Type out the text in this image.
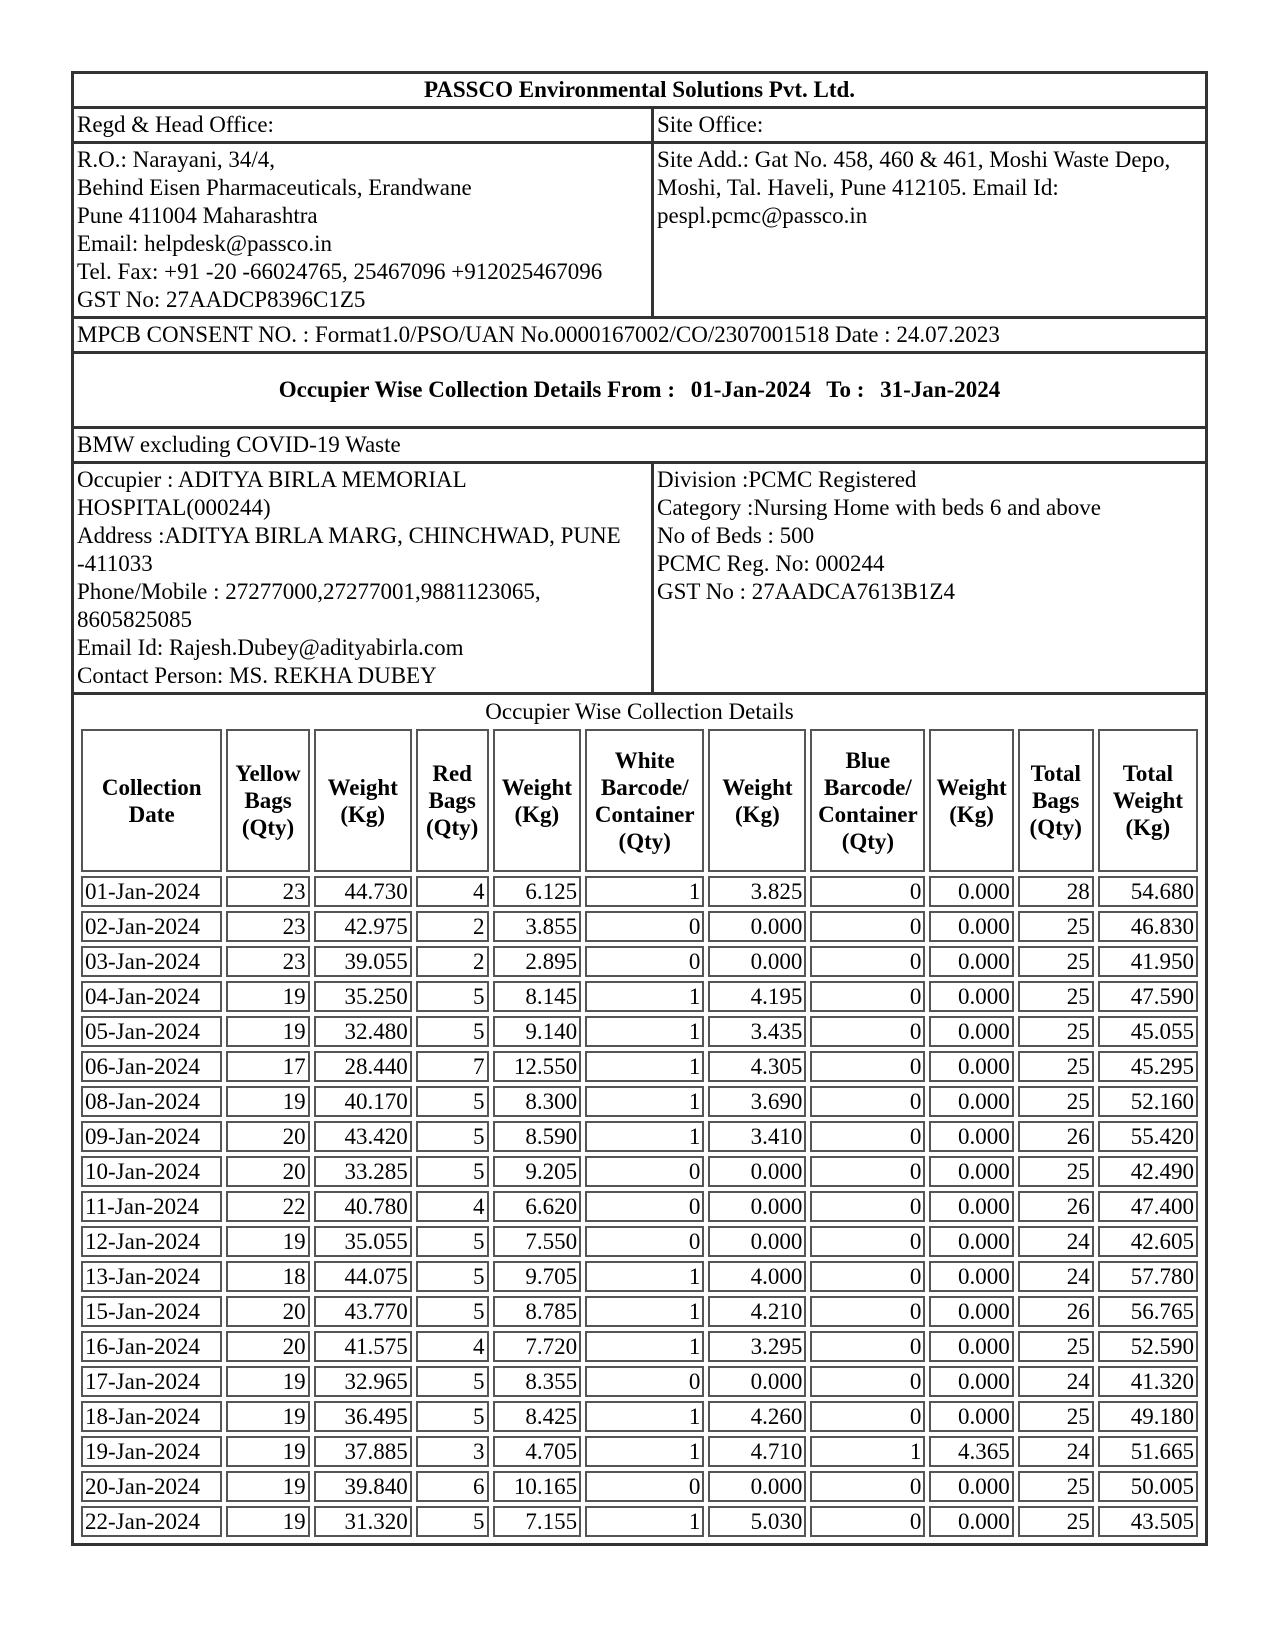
PASSCO Environmental Solutions Pvt. Ltd.
Regd & Head Office:	Site Office:

R.O.: Narayani, 34/4,
Behind Eisen Pharmaceuticals, Erandwane
Pune 411004 Maharashtra
Email: helpdesk@passco.in
Tel. Fax: +91 -20 -66024765, 25467096 +912025467096
GST No: 27AADCP8396C1Z5
	Site Add.: Gat No. 458, 460 & 461, Moshi Waste Depo, Moshi, Tal. Haveli, Pune 412105. Email Id: pespl.pcmc@passco.in
MPCB CONSENT NO. : Format1.0/PSO/UAN No.0000167002/CO/2307001518 Date : 24.07.2023
Occupier Wise Collection Details From : 01-Jan-2024 To : 31-Jan-2024
BMW excluding COVID-19 Waste

Occupier : ADITYA BIRLA MEMORIAL HOSPITAL(000244)
Address :ADITYA BIRLA MARG, CHINCHWAD, PUNE -411033
Phone/Mobile : 27277000,27277001,9881123065, 8605825085
Email Id: Rajesh.Dubey@adityabirla.com
Contact Person: MS. REKHA DUBEY

Division :PCMC Registered
Category :Nursing Home with beds 6 and above
No of Beds : 500
PCMC Reg. No: 000244
GST No : 27AADCA7613B1Z4

Occupier Wise Collection Details
Collection Date	Yellow Bags (Qty)	Weight (Kg)	Red Bags (Qty)	Weight (Kg)	White Barcode/ Container (Qty)	Weight (Kg)	Blue Barcode/ Container (Qty)	Weight (Kg)	Total Bags (Qty)	Total Weight (Kg)
01-Jan-2024	23	44.730	4	6.125	1	3.825	0	0.000	28	54.680
02-Jan-2024	23	42.975	2	3.855	0	0.000	0	0.000	25	46.830
03-Jan-2024	23	39.055	2	2.895	0	0.000	0	0.000	25	41.950
04-Jan-2024	19	35.250	5	8.145	1	4.195	0	0.000	25	47.590
05-Jan-2024	19	32.480	5	9.140	1	3.435	0	0.000	25	45.055
06-Jan-2024	17	28.440	7	12.550	1	4.305	0	0.000	25	45.295
08-Jan-2024	19	40.170	5	8.300	1	3.690	0	0.000	25	52.160
09-Jan-2024	20	43.420	5	8.590	1	3.410	0	0.000	26	55.420
10-Jan-2024	20	33.285	5	9.205	0	0.000	0	0.000	25	42.490
11-Jan-2024	22	40.780	4	6.620	0	0.000	0	0.000	26	47.400
12-Jan-2024	19	35.055	5	7.550	0	0.000	0	0.000	24	42.605
13-Jan-2024	18	44.075	5	9.705	1	4.000	0	0.000	24	57.780
15-Jan-2024	20	43.770	5	8.785	1	4.210	0	0.000	26	56.765
16-Jan-2024	20	41.575	4	7.720	1	3.295	0	0.000	25	52.590
17-Jan-2024	19	32.965	5	8.355	0	0.000	0	0.000	24	41.320
18-Jan-2024	19	36.495	5	8.425	1	4.260	0	0.000	25	49.180
19-Jan-2024	19	37.885	3	4.705	1	4.710	1	4.365	24	51.665
20-Jan-2024	19	39.840	6	10.165	0	0.000	0	0.000	25	50.005
22-Jan-2024	19	31.320	5	7.155	1	5.030	0	0.000	25	43.505
